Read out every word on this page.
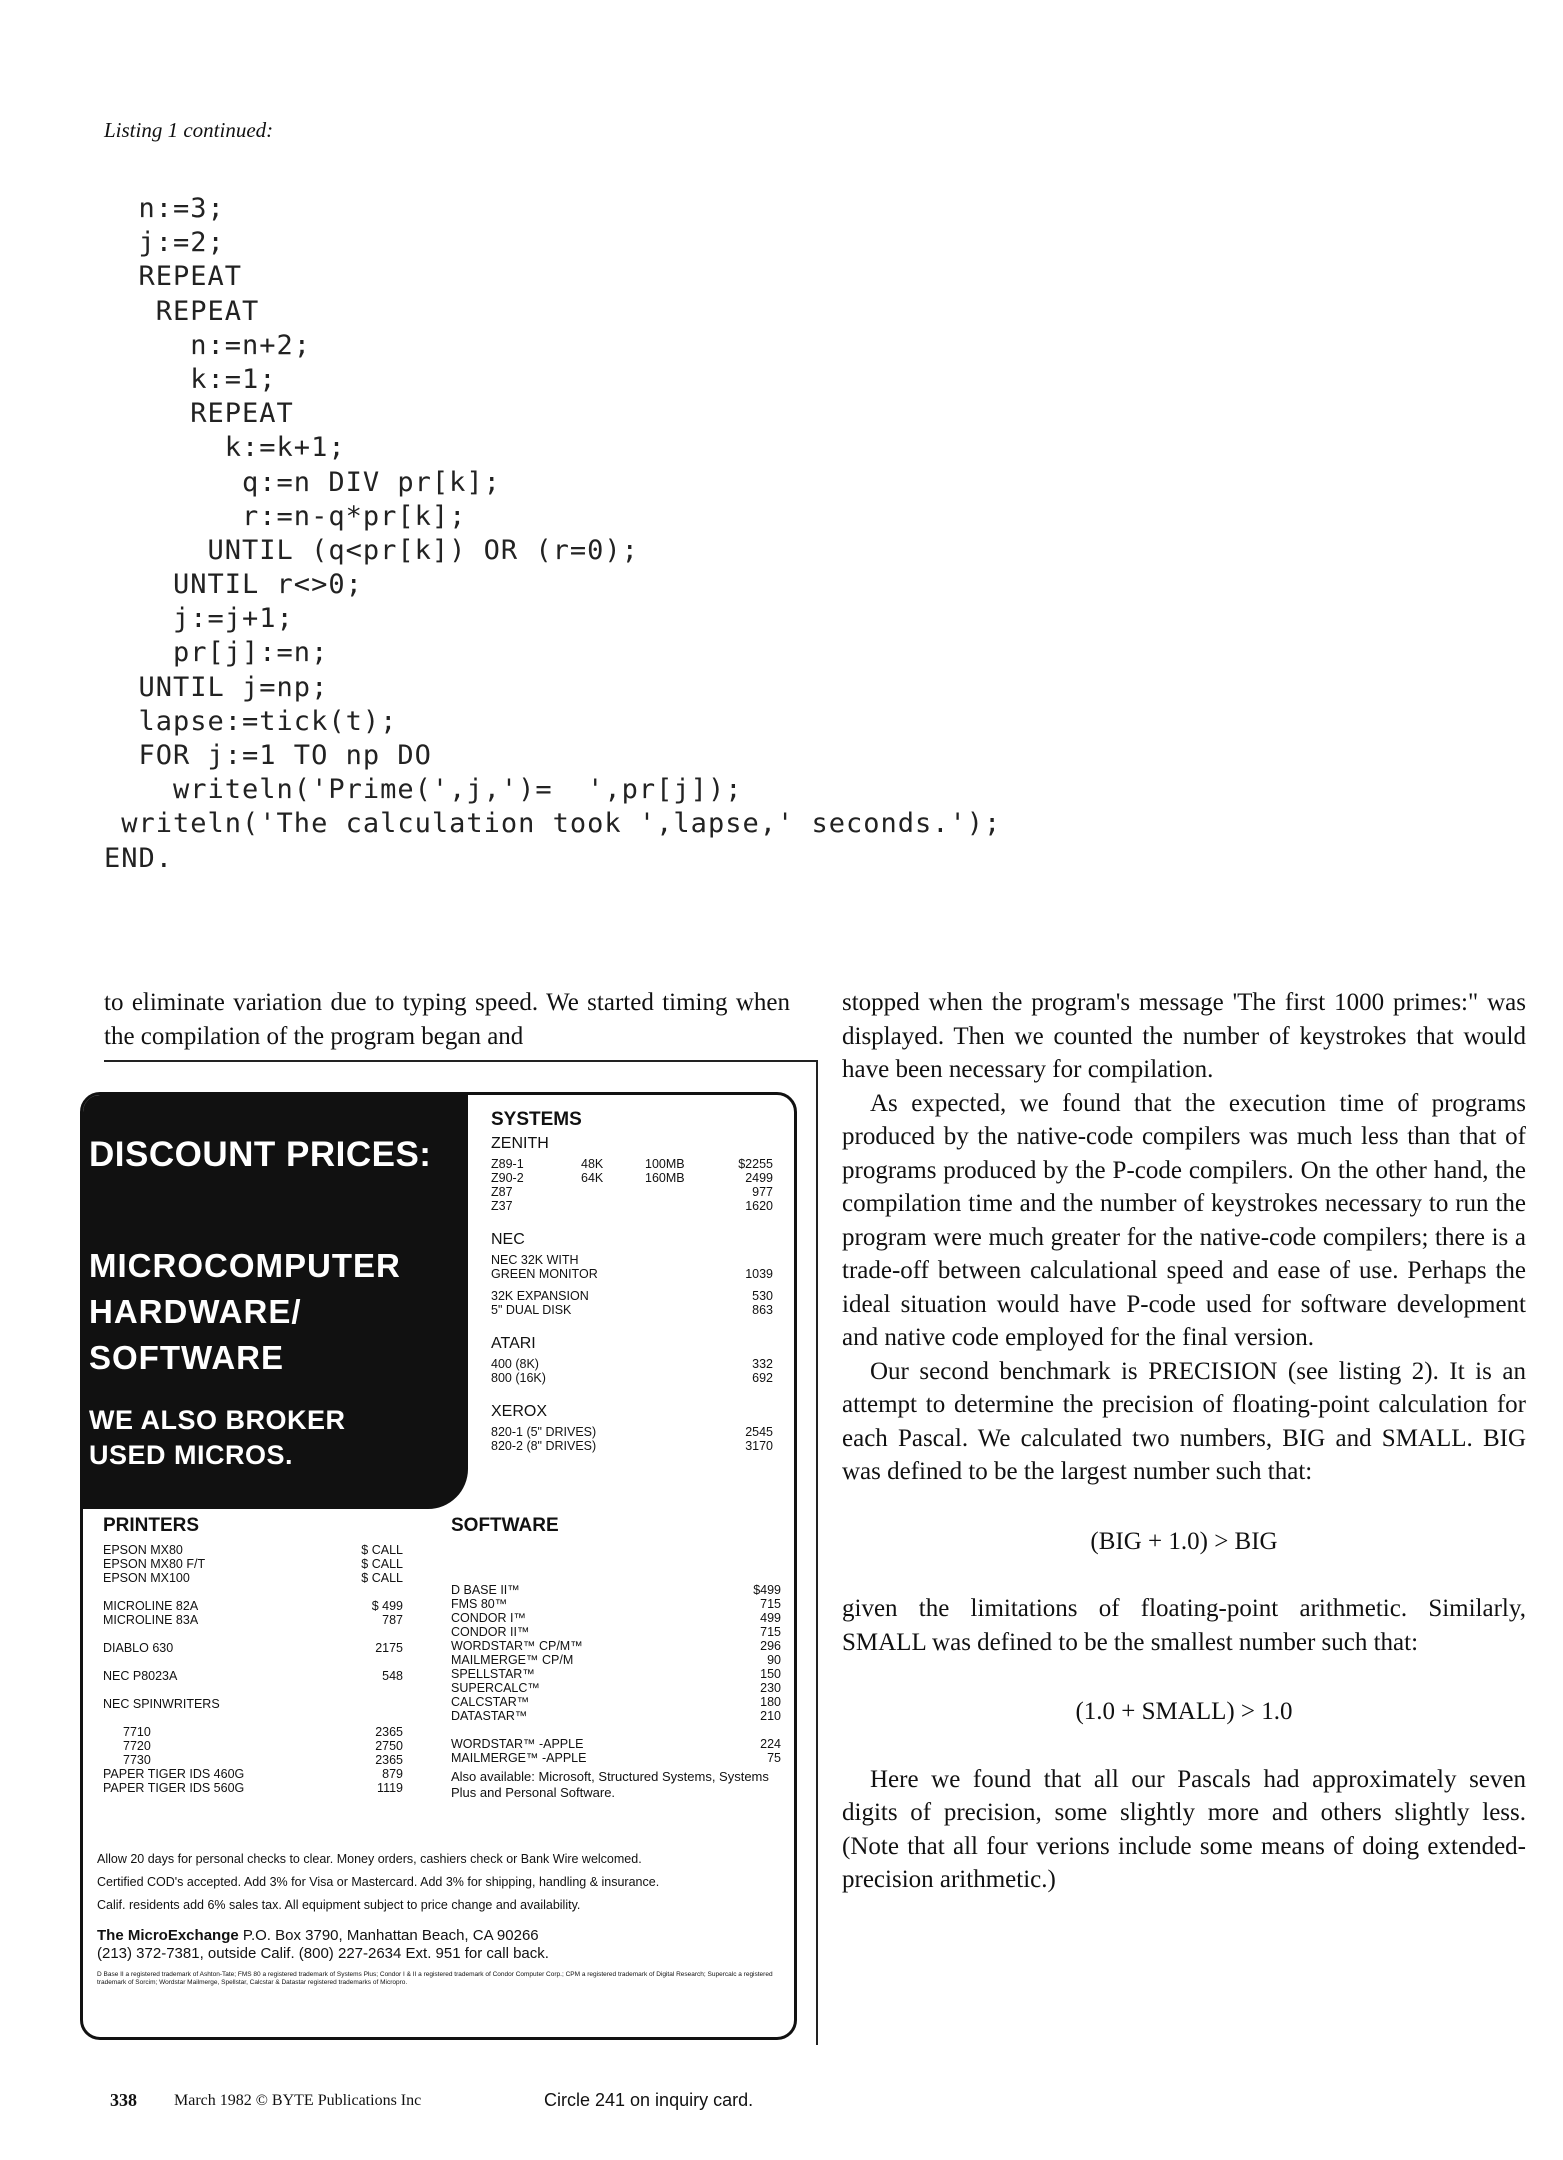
Listing 1 continued:
n:=3;
j:=2;
REPEAT
REPEAT
n:=n+2;
k:=1;
REPEAT
k:=k+1;
q:=n DIV pr[k];
r:=n-q*pr[k];
UNTIL (q<pr[k]) OR (r=0);
UNTIL r<>0;
j:=j+1;
pr[j]:=n;
UNTIL j=np;
lapse:=tick(t);
FOR j:=1 TO np DO
writeln('Prime(',j,')=  ',pr[j]);
writeln('The calculation took ',lapse,' seconds.');
END.

to eliminate variation due to typing speed. We started timing when the compilation of the program began and

stopped when the program's message 'The first 1000 primes:" was displayed. Then we counted the number of keystrokes that would have been necessary for compilation.

As expected, we found that the execution time of programs produced by the native-code compilers was much less than that of programs produced by the P-code compilers. On the other hand, the compilation time and the number of keystrokes necessary to run the program were much greater for the native-code compilers; there is a trade-off between calculational speed and ease of use. Perhaps the ideal situation would have P-code used for software development and native code employed for the final version.

Our second benchmark is PRECISION (see listing 2). It is an attempt to determine the precision of floating-point calculation for each Pascal. We calculated two numbers, BIG and SMALL. BIG was defined to be the largest number such that:

(BIG + 1.0) > BIG

given the limitations of floating-point arithmetic. Similarly, SMALL was defined to be the smallest number such that:

(1.0 + SMALL) > 1.0

Here we found that all our Pascals had approximately seven digits of precision, some slightly more and others slightly less. (Note that all four verions include some means of doing extended-precision arithmetic.)

DISCOUNT PRICES:
MICROCOMPUTER
HARDWARE/
SOFTWARE
WE ALSO BROKER
USED MICROS.
SYSTEMS
ZENITH
Z89-1	48K	100MB	$2255
Z90-2	64K	160MB	2499
Z87	977
Z37	1620
NEC
NEC 32K WITH
GREEN MONITOR	1039
32K EXPANSION	530
5" DUAL DISK	863
ATARI
400 (8K)	332
800 (16K)	692
XEROX
820-1 (5" DRIVES)	2545
820-2 (8" DRIVES)	3170
PRINTERS
EPSON MX80	$ CALL
EPSON MX80 F/T	$ CALL
EPSON MX100	$ CALL
MICROLINE 82A	$ 499
MICROLINE 83A	787
DIABLO 630	2175
NEC P8023A	548
NEC SPINWRITERS
7710	2365
7720	2750
7730	2365
PAPER TIGER IDS 460G	879
PAPER TIGER IDS 560G	1119
SOFTWARE
D BASE II™	$499
FMS 80™	715
CONDOR I™	499
CONDOR II™	715
WORDSTAR™ CP/M™	296
MAILMERGE™ CP/M	90
SPELLSTAR™	150
SUPERCALC™	230
CALCSTAR™	180
DATASTAR™	210
WORDSTAR™ -APPLE	224
MAILMERGE™ -APPLE	75
Also available: Microsoft, Structured Systems, Systems Plus and Personal Software.

Allow 20 days for personal checks to clear. Money orders, cashiers check or Bank Wire welcomed.

Certified COD's accepted. Add 3% for Visa or Mastercard. Add 3% for shipping, handling & insurance.

Calif. residents add 6% sales tax. All equipment subject to price change and availability.

The MicroExchange P.O. Box 3790, Manhattan Beach, CA 90266
(213) 372-7381, outside Calif. (800) 227-2634 Ext. 951 for call back.

D Base II a registered trademark of Ashton-Tate; FMS 80 a registered trademark of Systems Plus; Condor I & II a registered trademark of Condor Computer Corp.; CPM a registered trademark of Digital Research; Supercalc a registered trademark of Sorcim; Wordstar Mailmerge, Spellstar, Calcstar & Datastar registered trademarks of Micropro.

338 March 1982 © BYTE Publications Inc	Circle 241 on inquiry card.
